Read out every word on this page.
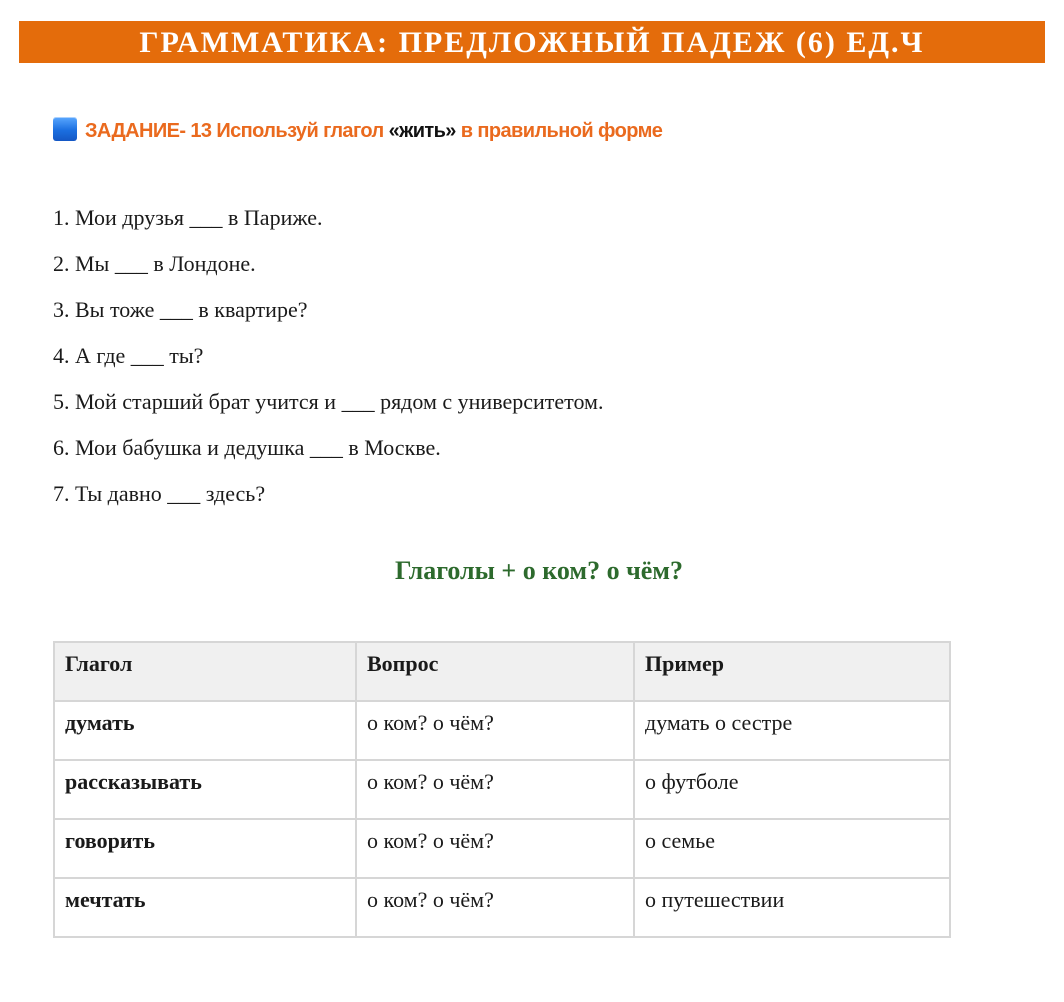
ГРАММАТИКА: ПРЕДЛОЖНЫЙ ПАДЕЖ (6) ЕД.Ч
ЗАДАНИЕ- 13 Используй глагол «жить» в правильной форме
1. Мои друзья ___ в Париже.
2. Мы ___ в Лондоне.
3. Вы тоже ___ в квартире?
4. А где ___ ты?
5. Мой старший брат учится и ___ рядом с университетом.
6. Мои бабушка и дедушка ___ в Москве.
7. Ты давно ___ здесь?
Глаголы + о ком? о чём?
Глагол	Вопрос	Пример
думать	о ком? о чём?	думать о сестре
рассказывать	о ком? о чём?	о футболе
говорить	о ком? о чём?	о семье
мечтать	о ком? о чём?	о путешествии
